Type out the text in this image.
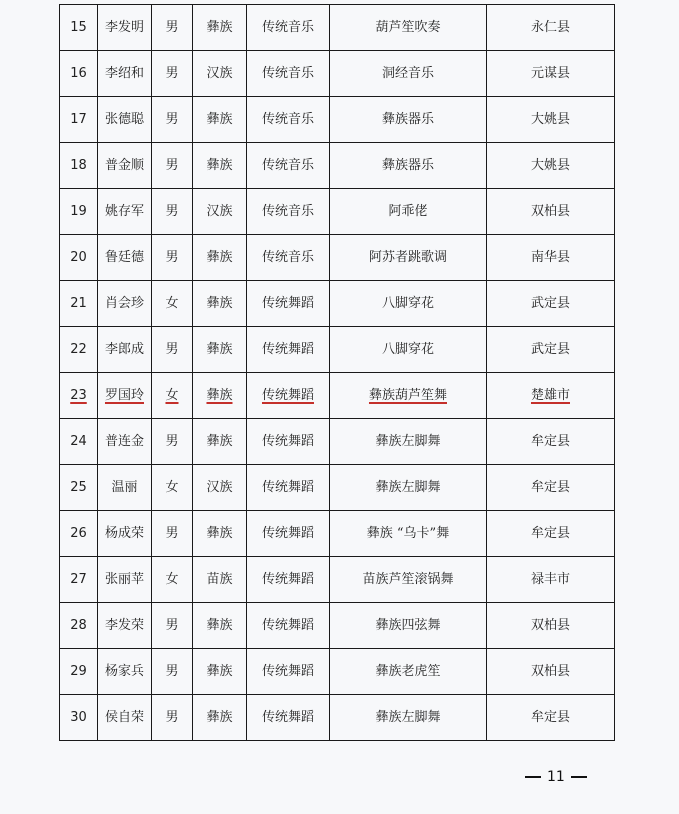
15	李发明	男	彝族	传统音乐	葫芦笙吹奏	永仁县
16	李绍和	男	汉族	传统音乐	洞经音乐	元谋县
17	张德聪	男	彝族	传统音乐	彝族器乐	大姚县
18	普金顺	男	彝族	传统音乐	彝族器乐	大姚县
19	姚存军	男	汉族	传统音乐	阿乖佬	双柏县
20	鲁廷德	男	彝族	传统音乐	阿苏者跳歌调	南华县
21	肖会珍	女	彝族	传统舞蹈	八脚穿花	武定县
22	李郎成	男	彝族	传统舞蹈	八脚穿花	武定县
23	罗国玲	女	彝族	传统舞蹈	彝族葫芦笙舞	楚雄市
24	普连金	男	彝族	传统舞蹈	彝族左脚舞	牟定县
25	温丽	女	汉族	传统舞蹈	彝族左脚舞	牟定县
26	杨成荣	男	彝族	传统舞蹈	彝族 “乌卡”舞	牟定县
27	张丽苹	女	苗族	传统舞蹈	苗族芦笙滚锅舞	禄丰市
28	李发荣	男	彝族	传统舞蹈	彝族四弦舞	双柏县
29	杨家兵	男	彝族	传统舞蹈	彝族老虎笙	双柏县
30	侯自荣	男	彝族	传统舞蹈	彝族左脚舞	牟定县
11
